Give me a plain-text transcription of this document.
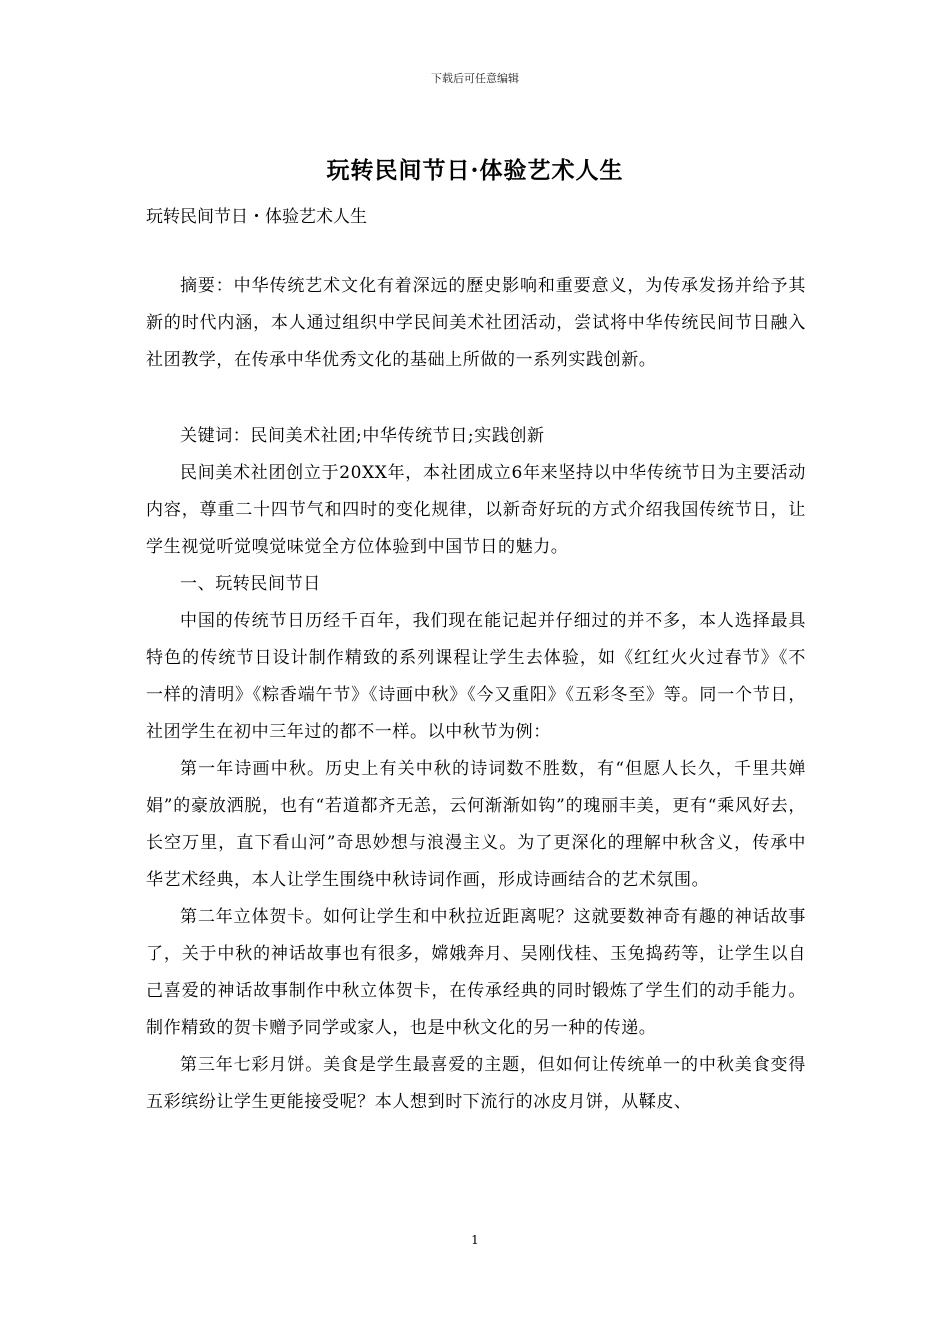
下载后可任意编辑
玩转民间节日·体验艺术人生
玩转民间节日・体验艺术人生

摘要：中华传统艺术文化有着深远的歷史影响和重要意义，为传承发扬并给予其新的时代内涵，本人通过组织中学民间美术社团活动，尝试将中华传统民间节日融入社团教学，在传承中华优秀文化的基础上所做的一系列实践创新。

关键词：民间美术社团;中华传统节日;实践创新

民间美术社团创立于20XX年，本社团成立6年来坚持以中华传统节日为主要活动内容，尊重二十四节气和四时的变化规律，以新奇好玩的方式介绍我国传统节日，让学生视觉听觉嗅觉味觉全方位体验到中国节日的魅力。

一、玩转民间节日

中国的传统节日历经千百年，我们现在能记起并仔细过的并不多，本人选择最具特色的传统节日设计制作精致的系列课程让学生去体验，如《红红火火过春节》《不一样的清明》《粽香端午节》《诗画中秋》《今又重阳》《五彩冬至》等。同一个节日，社团学生在初中三年过的都不一样。以中秋节为例：

第一年诗画中秋。历史上有关中秋的诗词数不胜数，有“但愿人长久，千里共婵娟”的豪放洒脱，也有“若道都齐无恙，云何渐渐如钩”的瑰丽丰美，更有“乘风好去，长空万里，直下看山河”奇思妙想与浪漫主义。为了更深化的理解中秋含义，传承中华艺术经典，本人让学生围绕中秋诗词作画，形成诗画结合的艺术氛围。

第二年立体贺卡。如何让学生和中秋拉近距离呢？这就要数神奇有趣的神话故事了，关于中秋的神话故事也有很多，嫦娥奔月、吴刚伐桂、玉兔捣药等，让学生以自己喜爱的神话故事制作中秋立体贺卡，在传承经典的同时锻炼了学生们的动手能力。制作精致的贺卡赠予同学或家人，也是中秋文化的另一种的传递。

第三年七彩月饼。美食是学生最喜爱的主题，但如何让传统单一的中秋美食变得五彩缤纷让学生更能接受呢？本人想到时下流行的冰皮月饼，从鞣皮、

1
